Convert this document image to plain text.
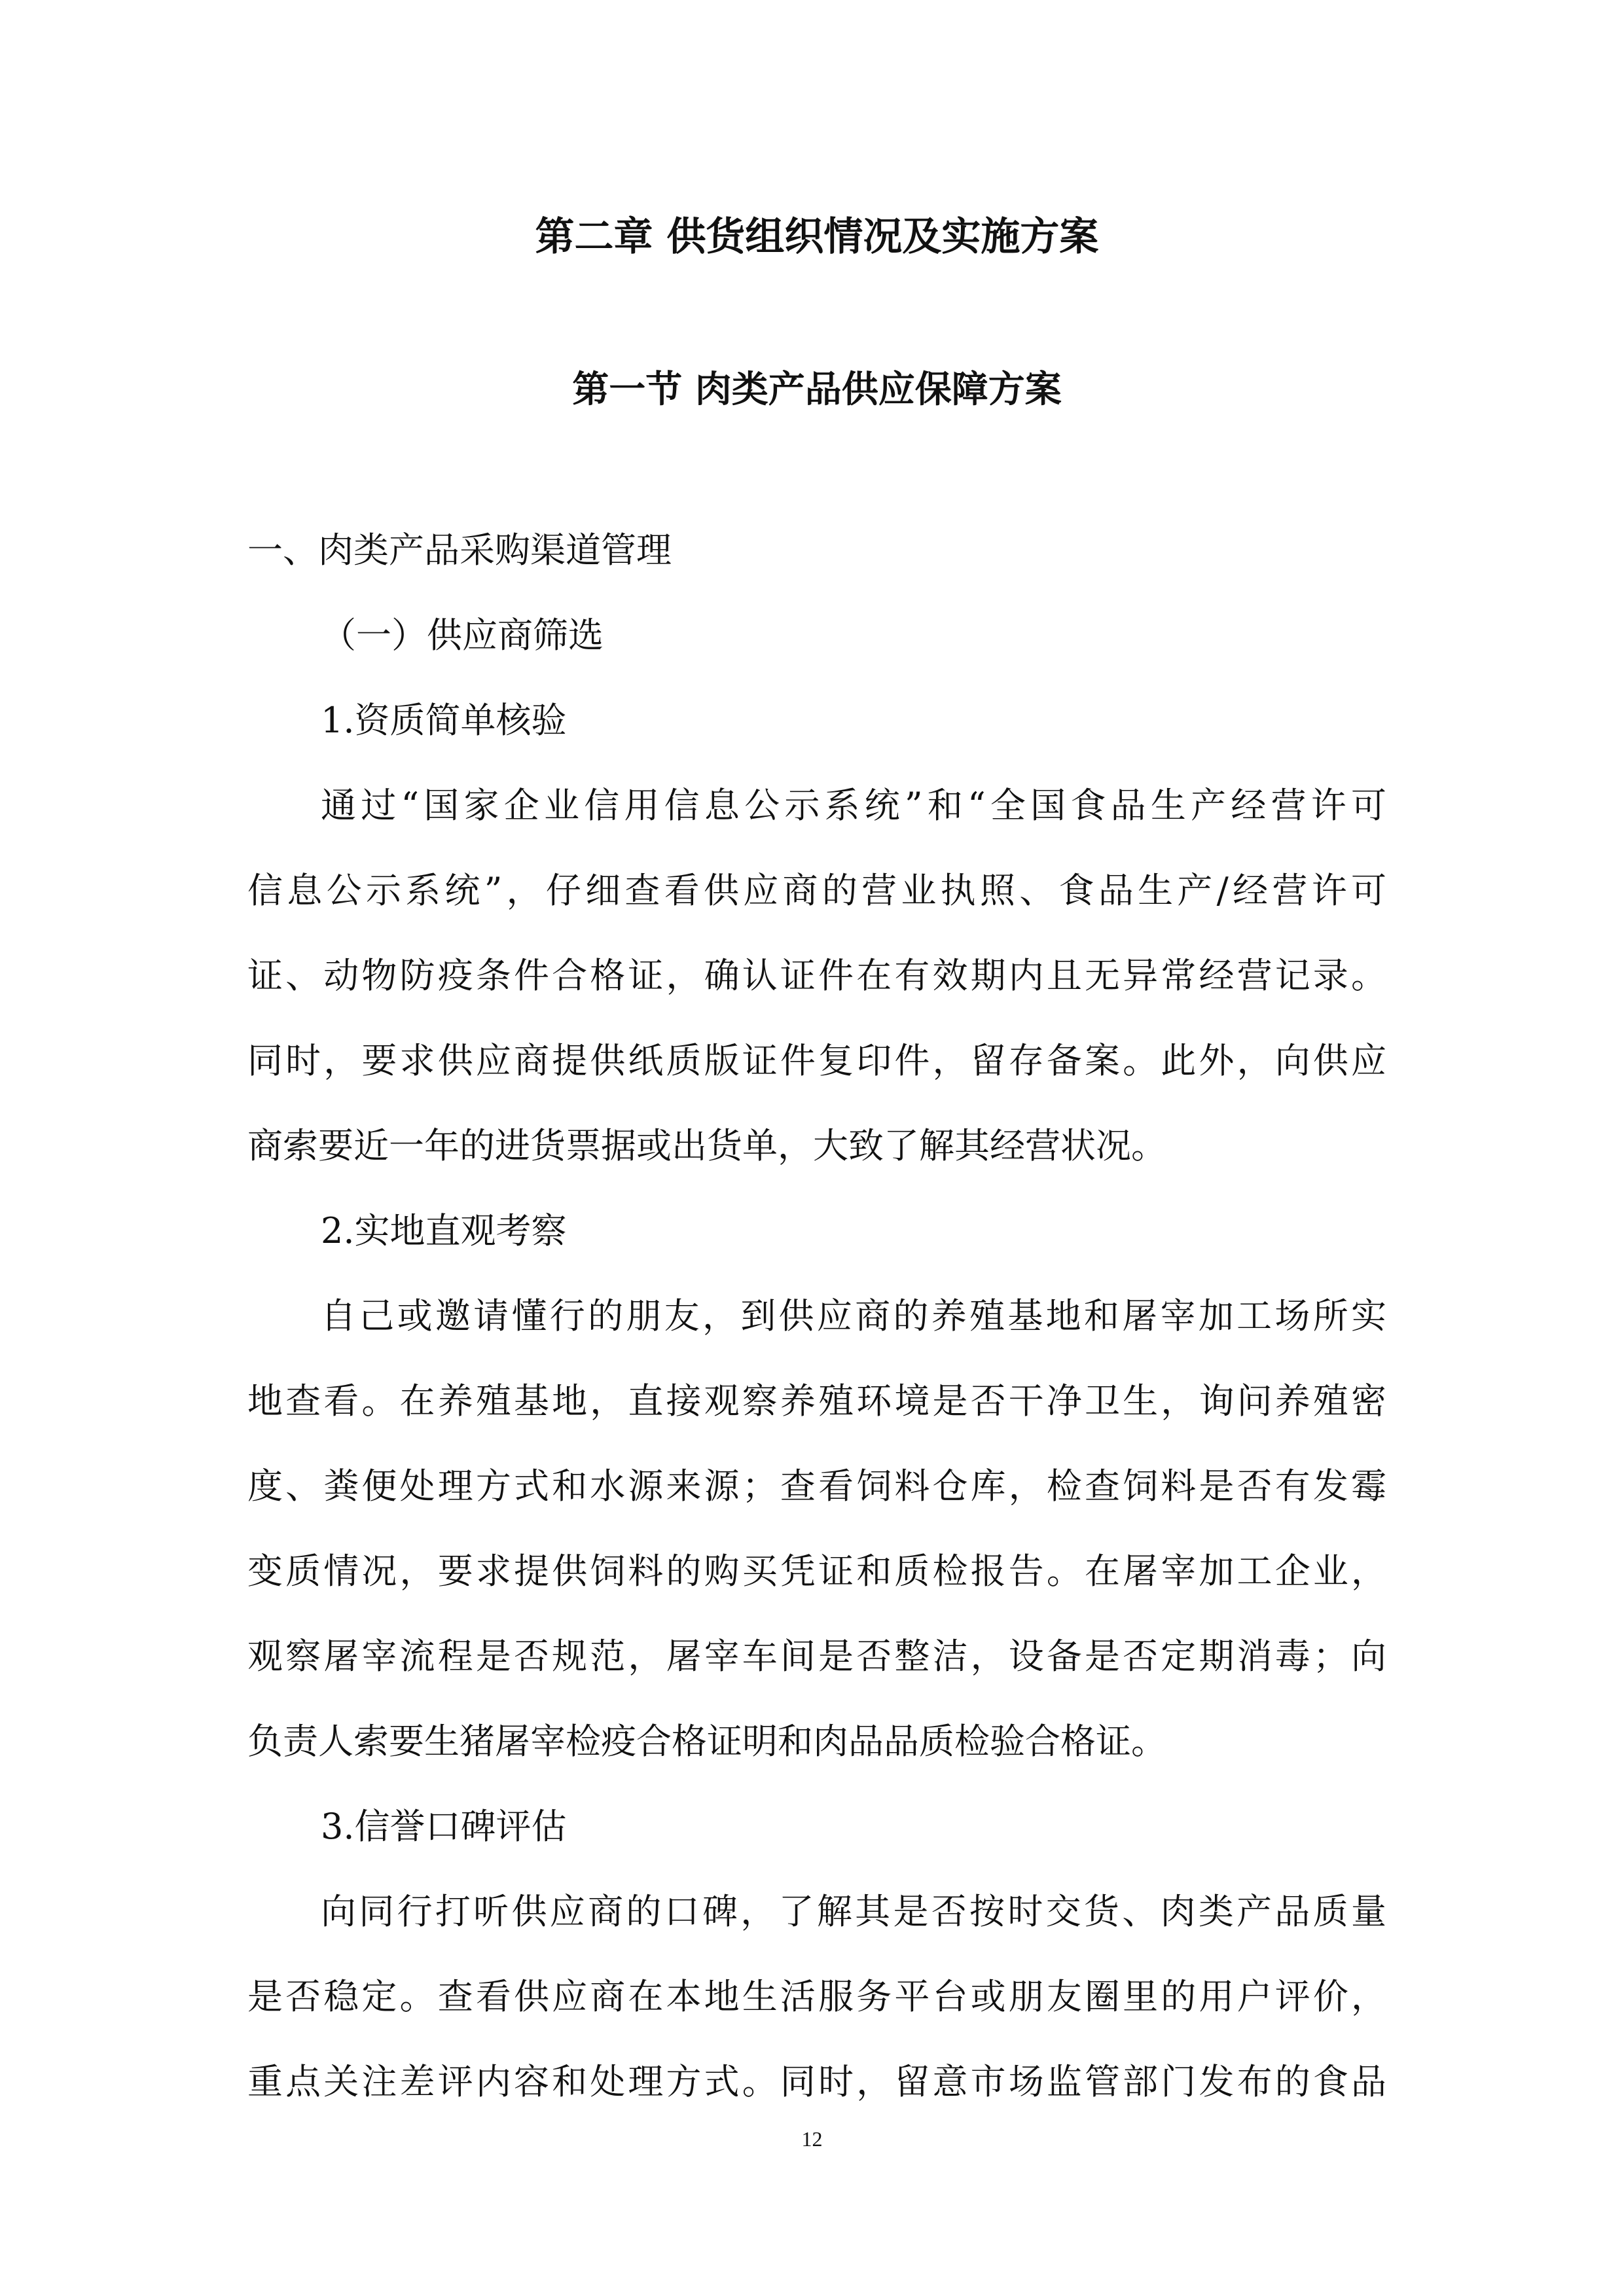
第二章 供货组织情况及实施方案
第一节 肉类产品供应保障方案
一、肉类产品采购渠道管理
（一）供应商筛选
1.资质简单核验
通过“国家企业信用信息公示系统”和“全国食品生产经营许可
信息公示系统”，仔细查看供应商的营业执照、食品生产/经营许可
证、动物防疫条件合格证，确认证件在有效期内且无异常经营记录。
同时，要求供应商提供纸质版证件复印件，留存备案。此外，向供应
商索要近一年的进货票据或出货单，大致了解其经营状况。
2.实地直观考察
自己或邀请懂行的朋友，到供应商的养殖基地和屠宰加工场所实
地查看。在养殖基地，直接观察养殖环境是否干净卫生，询问养殖密
度、粪便处理方式和水源来源；查看饲料仓库，检查饲料是否有发霉
变质情况，要求提供饲料的购买凭证和质检报告。在屠宰加工企业，
观察屠宰流程是否规范，屠宰车间是否整洁，设备是否定期消毒；向
负责人索要生猪屠宰检疫合格证明和肉品品质检验合格证。
3.信誉口碑评估
向同行打听供应商的口碑，了解其是否按时交货、肉类产品质量
是否稳定。查看供应商在本地生活服务平台或朋友圈里的用户评价，
重点关注差评内容和处理方式。同时，留意市场监管部门发布的食品
12
